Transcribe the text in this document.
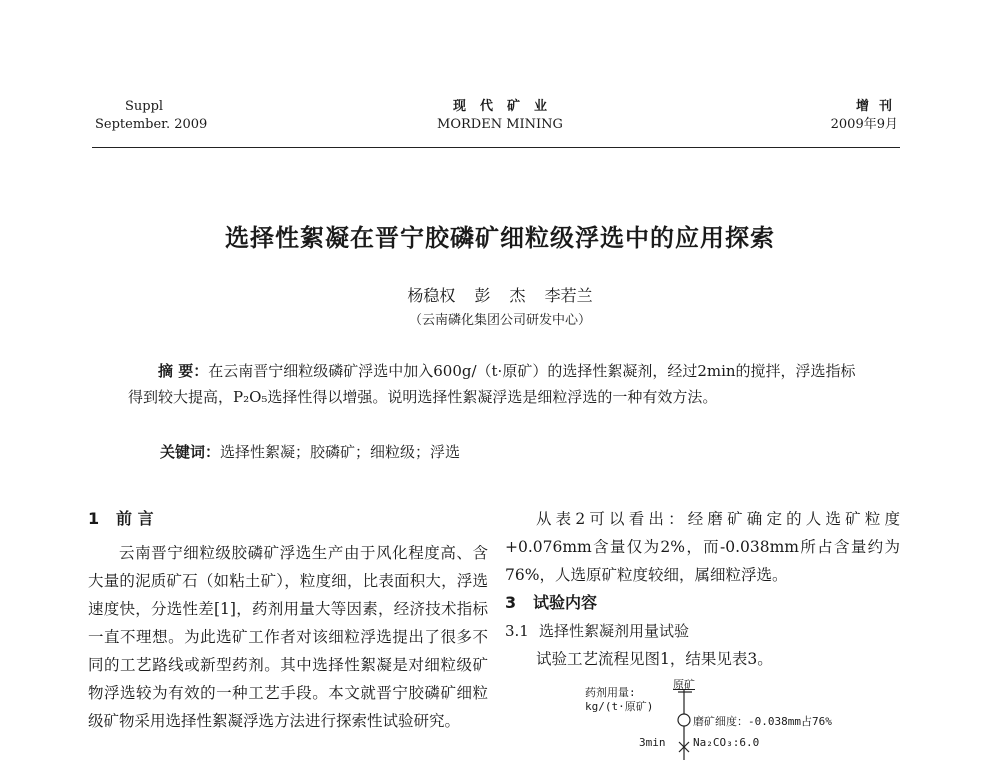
Suppl
September. 2009
现代矿业
MORDEN MINING
增刊
2009年9月
选择性絮凝在晋宁胶磷矿细粒级浮选中的应用探索
杨稳权 彭 杰 李若兰
（云南磷化集团公司研发中心）

摘 要：在云南晋宁细粒级磷矿浮选中加入600g/（t·原矿）的选择性絮凝剂，经过2min的搅拌，浮选指标得到较大提高，P₂O₅选择性得以增强。说明选择性絮凝浮选是细粒浮选的一种有效方法。

关键词：选择性絮凝；胶磷矿；细粒级；浮选
1 前 言

云南晋宁细粒级胶磷矿浮选生产由于风化程度高、含大量的泥质矿石（如粘土矿），粒度细，比表面积大，浮选速度快，分选性差[1]，药剂用量大等因素，经济技术指标一直不理想。为此选矿工作者对该细粒浮选提出了很多不同的工艺路线或新型药剂。其中选择性絮凝是对细粒级矿物浮选较为有效的一种工艺手段。本文就晋宁胶磷矿细粒级矿物采用选择性絮凝浮选方法进行探索性试验研究。

从表2可以看出：经磨矿确定的人选矿粒度+0.076mm含量仅为2%，而-0.038mm所占含量约为76%，人选原矿粒度较细，属细粒浮选。

3 试验内容
3.1 选择性絮凝剂用量试验
试验工艺流程见图1，结果见表3。
药剂用量:
kg/(t·原矿)
原矿
磨矿细度：-0.038mm占76%
3min	Na₂CO₃:6.0
